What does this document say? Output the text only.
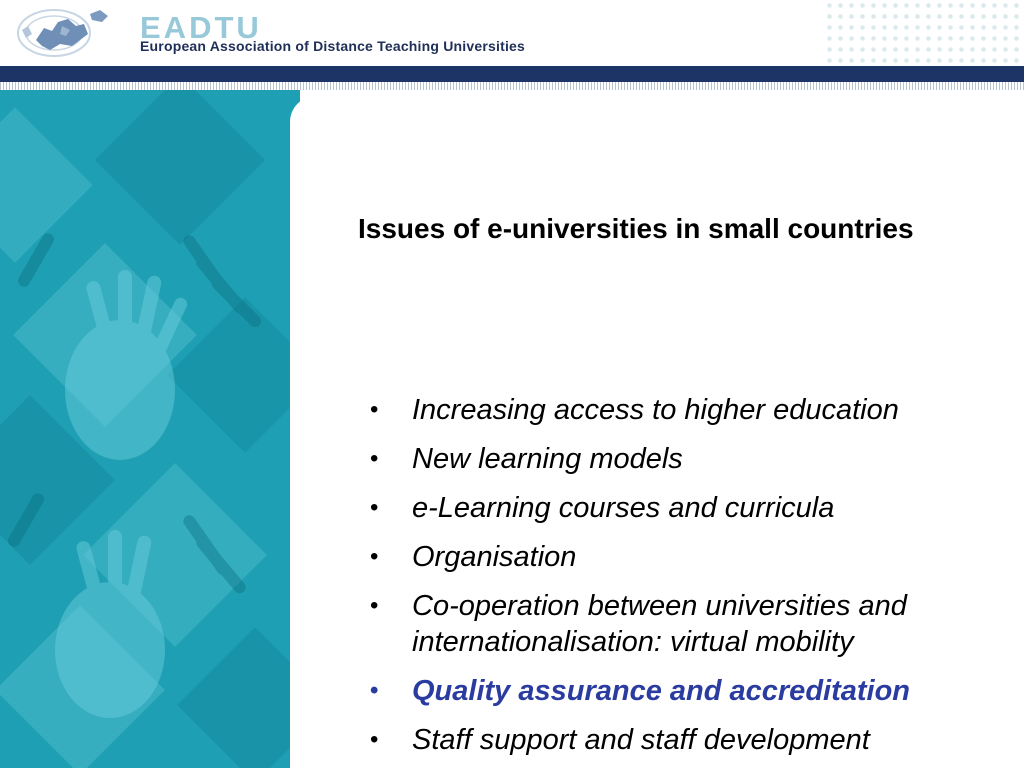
EADTU
European Association of Distance Teaching Universities
Issues of e-universities in small countries
• Increasing access to higher education
• New learning models
• e-Learning courses and curricula
• Organisation
• Co-operation between universities and internationalisation: virtual mobility
• Quality assurance and accreditation
• Staff support and staff development
